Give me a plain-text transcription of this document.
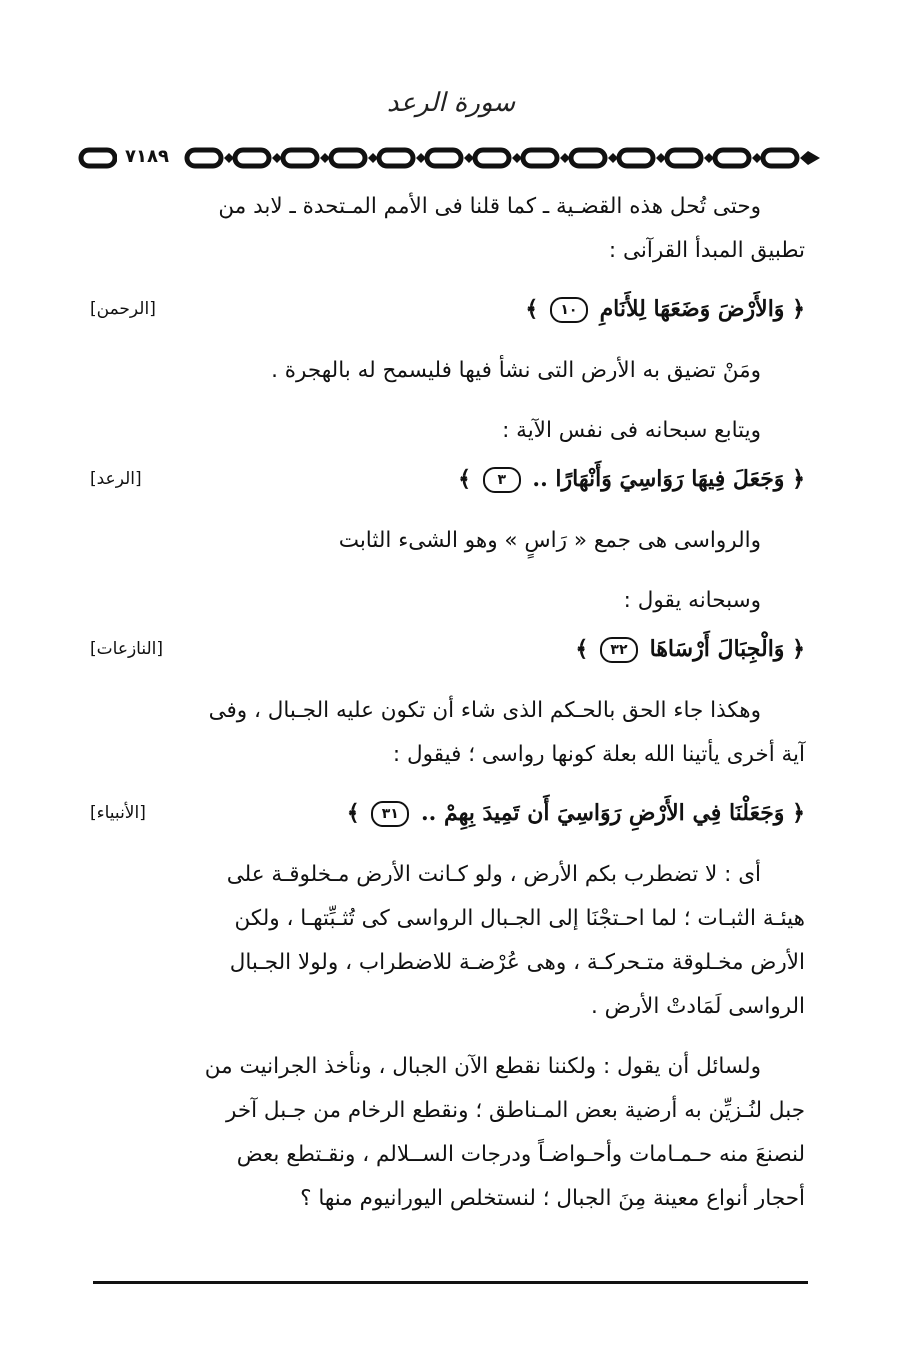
سورة الرعد
٧١٨٩

وحتى تُحل هذه القضـية ـ كما قلنا فى الأمم المـتحدة ـ لابد من

تطبيق المبدأ القرآنى :

﴿ وَالأَرْضَ وَضَعَهَا لِلأَنَامِ ١٠ ﴾
[الرحمن]

ومَنْ تضيق به الأرض التى نشأ فيها فليسمح له بالهجرة .

ويتابع سبحانه فى نفس الآية :

﴿ وَجَعَلَ فِيهَا رَوَاسِيَ وَأَنْهَارًا .. ٣ ﴾
[الرعد]

والرواسى هى جمع « رَاسٍ » وهو الشىء الثابت

وسبحانه يقول :

﴿ وَالْجِبَالَ أَرْسَاهَا ٣٢ ﴾
[النازعات]

وهكذا جاء الحق بالحـكم الذى شاء أن تكون عليه الجـبال ، وفى

آية أخرى يأتينا الله بعلة كونها رواسى ؛ فيقول :

﴿ وَجَعَلْنَا فِي الأَرْضِ رَوَاسِيَ أَن تَمِيدَ بِهِمْ .. ٣١ ﴾
[الأنبياء]

أى : لا تضطرب بكم الأرض ، ولو كـانت الأرض مـخلوقـة على

هيئـة الثبـات ؛ لما احـتجْنَا إلى الجـبال الرواسى كى تُثـبِّتهـا ، ولكن

الأرض مخـلوقة متـحركـة ، وهى عُرْضـة للاضطراب ، ولولا الجـبال

الرواسى لَمَادتْ الأرض .

ولسائل أن يقول : ولكننا نقطع الآن الجبال ، ونأخذ الجرانيت من

جبل لنُـزيِّن به أرضية بعض المـناطق ؛ ونقطع الرخام من جـبل آخر

لنصنعَ منه حـمـامات وأحـواضـاً ودرجات الســلالم ، ونقـتطع بعض

أحجار أنواع معينة مِنَ الجبال ؛ لنستخلص اليورانيوم منها ؟
